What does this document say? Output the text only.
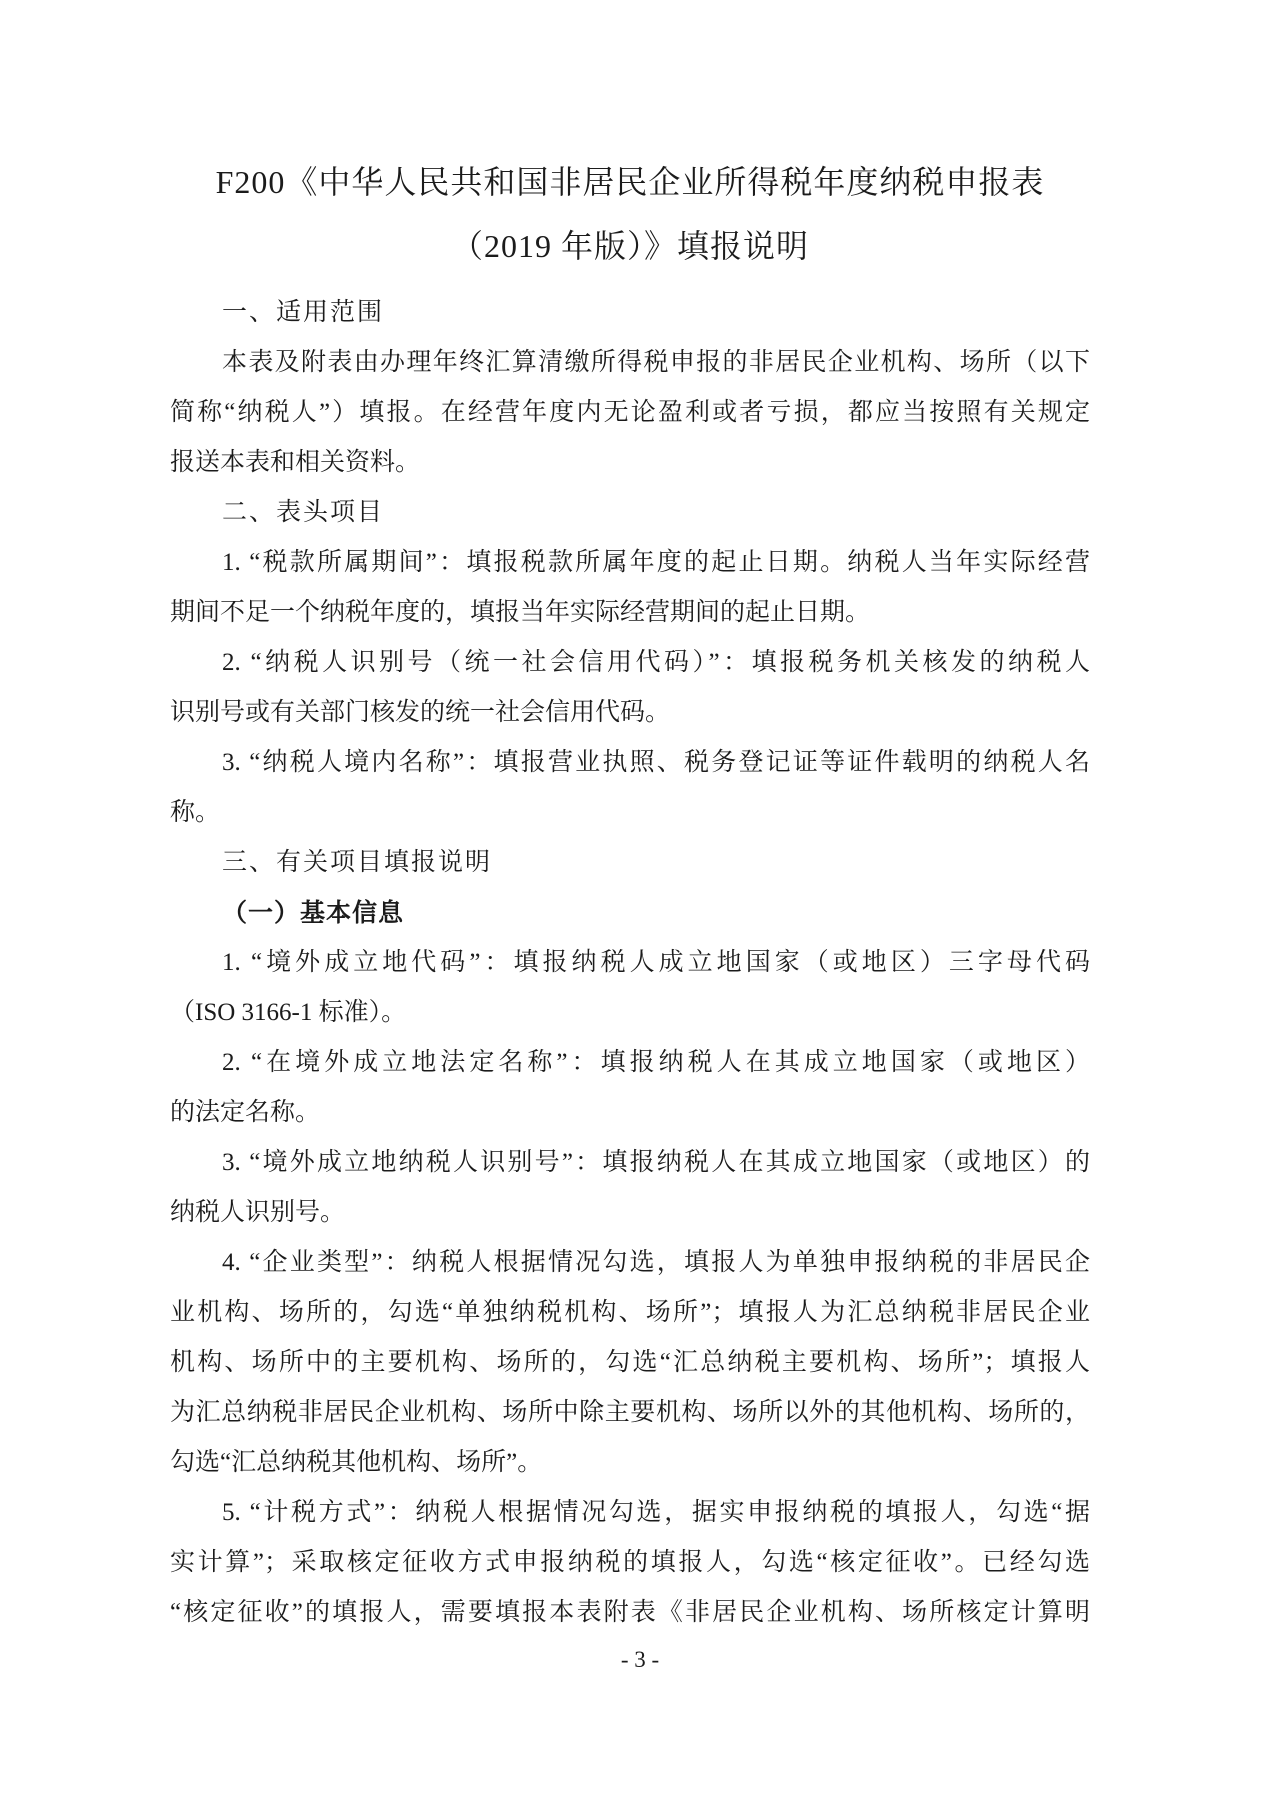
F200《中华人民共和国非居民企业所得税年度纳税申报表
（2019 年版）》填报说明
一、适用范围
本表及附表由办理年终汇算清缴所得税申报的非居民企业机构、场所（以下
简称“纳税人”）填报。在经营年度内无论盈利或者亏损，都应当按照有关规定
报送本表和相关资料。
二、表头项目
1. “税款所属期间”：填报税款所属年度的起止日期。纳税人当年实际经营
期间不足一个纳税年度的，填报当年实际经营期间的起止日期。
2. “纳税人识别号（统一社会信用代码）”：填报税务机关核发的纳税人
识别号或有关部门核发的统一社会信用代码。
3. “纳税人境内名称”：填报营业执照、税务登记证等证件载明的纳税人名
称。
三、有关项目填报说明
（一）基本信息
1. “境外成立地代码”：填报纳税人成立地国家（或地区）三字母代码
（ISO 3166-1 标准）。
2. “在境外成立地法定名称”：填报纳税人在其成立地国家（或地区）
的法定名称。
3. “境外成立地纳税人识别号”：填报纳税人在其成立地国家（或地区）的
纳税人识别号。
4. “企业类型”：纳税人根据情况勾选，填报人为单独申报纳税的非居民企
业机构、场所的，勾选“单独纳税机构、场所”；填报人为汇总纳税非居民企业
机构、场所中的主要机构、场所的，勾选“汇总纳税主要机构、场所”；填报人
为汇总纳税非居民企业机构、场所中除主要机构、场所以外的其他机构、场所的，
勾选“汇总纳税其他机构、场所”。
5. “计税方式”：纳税人根据情况勾选，据实申报纳税的填报人，勾选“据
实计算”；采取核定征收方式申报纳税的填报人，勾选“核定征收”。已经勾选
“核定征收”的填报人，需要填报本表附表《非居民企业机构、场所核定计算明
- 3 -
